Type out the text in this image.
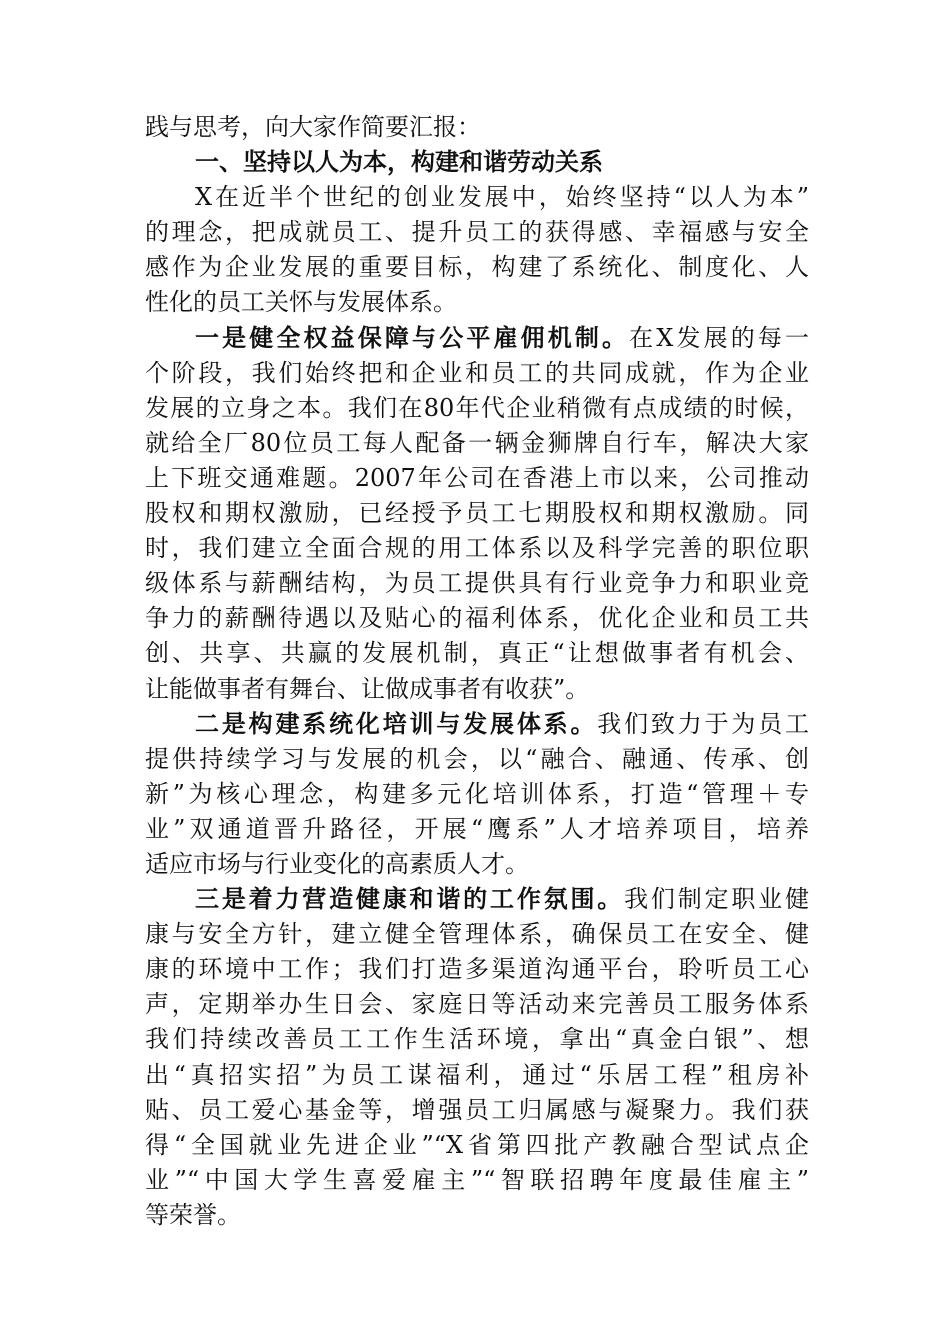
践与思考，向大家作简要汇报：
一、坚持以人为本，构建和谐劳动关系
X在近半个世纪的创业发展中，始终坚持“以人为本”
的理念，把成就员工、提升员工的获得感、幸福感与安全
感作为企业发展的重要目标，构建了系统化、制度化、人
性化的员工关怀与发展体系。
一是健全权益保障与公平雇佣机制。在X发展的每一
个阶段，我们始终把和企业和员工的共同成就，作为企业
发展的立身之本。我们在80年代企业稍微有点成绩的时候，
就给全厂80位员工每人配备一辆金狮牌自行车，解决大家
上下班交通难题。2007年公司在香港上市以来，公司推动
股权和期权激励，已经授予员工七期股权和期权激励。同
时，我们建立全面合规的用工体系以及科学完善的职位职
级体系与薪酬结构，为员工提供具有行业竞争力和职业竞
争力的薪酬待遇以及贴心的福利体系，优化企业和员工共
创、共享、共赢的发展机制，真正“让想做事者有机会、
让能做事者有舞台、让做成事者有收获”。
二是构建系统化培训与发展体系。我们致力于为员工
提供持续学习与发展的机会，以“融合、融通、传承、创
新”为核心理念，构建多元化培训体系，打造“管理＋专
业”双通道晋升路径，开展“鹰系”人才培养项目，培养
适应市场与行业变化的高素质人才。
三是着力营造健康和谐的工作氛围。我们制定职业健
康与安全方针，建立健全管理体系，确保员工在安全、健
康的环境中工作；我们打造多渠道沟通平台，聆听员工心
声，定期举办生日会、家庭日等活动来完善员工服务体系
我们持续改善员工工作生活环境，拿出“真金白银”、想
出“真招实招”为员工谋福利，通过“乐居工程”租房补
贴、员工爱心基金等，增强员工归属感与凝聚力。我们获
得“全国就业先进企业”“X省第四批产教融合型试点企
业”“中国大学生喜爱雇主”“智联招聘年度最佳雇主”
等荣誉。
